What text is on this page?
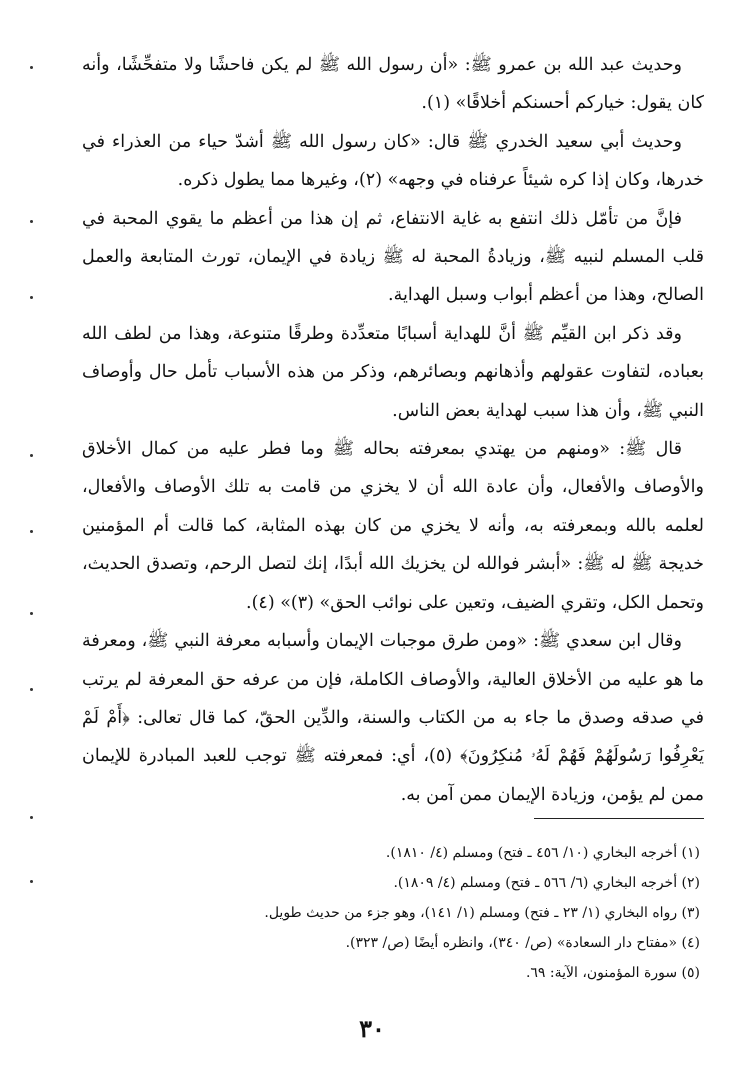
وحديث عبد الله بن عمرو ﷺ: «أن رسول الله ﷺ لم يكن فاحشًا ولا متفحِّشًا، وأنه كان يقول: خياركم أحسنكم أخلاقًا» (١).

وحديث أبي سعيد الخدري ﷺ قال: «كان رسول الله ﷺ أشدّ حياء من العذراء في خدرها، وكان إذا كره شيئاً عرفناه في وجهه» (٢)، وغيرها مما يطول ذكره.

فإنَّ من تأمّل ذلك انتفع به غاية الانتفاع، ثم إن هذا من أعظم ما يقوي المحبة في قلب المسلم لنبيه ﷺ، وزيادةُ المحبة له ﷺ زيادة في الإيمان، تورث المتابعة والعمل الصالح، وهذا من أعظم أبواب وسبل الهداية.

وقد ذكر ابن القيِّم ﷺ أنَّ للهداية أسبابًا متعدِّدة وطرقًا متنوعة، وهذا من لطف الله بعباده، لتفاوت عقولهم وأذهانهم وبصائرهم، وذكر من هذه الأسباب تأمل حال وأوصاف النبي ﷺ، وأن هذا سبب لهداية بعض الناس.

قال ﷺ: «ومنهم من يهتدي بمعرفته بحاله ﷺ وما فطر عليه من كمال الأخلاق والأوصاف والأفعال، وأن عادة الله أن لا يخزي من قامت به تلك الأوصاف والأفعال، لعلمه بالله وبمعرفته به، وأنه لا يخزي من كان بهذه المثابة، كما قالت أم المؤمنين خديجة ﷺ له ﷺ: «أبشر فوالله لن يخزيك الله أبدًا، إنك لتصل الرحم، وتصدق الحديث، وتحمل الكل، وتقري الضيف، وتعين على نوائب الحق» (٣)» (٤).

وقال ابن سعدي ﷺ: «ومن طرق موجبات الإيمان وأسبابه معرفة النبي ﷺ، ومعرفة ما هو عليه من الأخلاق العالية، والأوصاف الكاملة، فإن من عرفه حق المعرفة لم يرتب في صدقه وصدق ما جاء به من الكتاب والسنة، والدِّين الحقّ، كما قال تعالى: ﴿أَمْ لَمْ يَعْرِفُوا رَسُولَهُمْ فَهُمْ لَهُۥ مُنكِرُونَ﴾ (٥)، أي: فمعرفته ﷺ توجب للعبد المبادرة للإيمان ممن لم يؤمن، وزيادة الإيمان ممن آمن به.

(١) أخرجه البخاري (١٠/ ٤٥٦ ـ فتح) ومسلم (٤/ ١٨١٠).
(٢) أخرجه البخاري (٦/ ٥٦٦ ـ فتح) ومسلم (٤/ ١٨٠٩).
(٣) رواه البخاري (١/ ٢٣ ـ فتح) ومسلم (١/ ١٤١)، وهو جزء من حديث طويل.
(٤) «مفتاح دار السعادة» (ص/ ٣٤٠)، وانظره أيضًا (ص/ ٣٢٣).
(٥) سورة المؤمنون، الآية: ٦٩.
٣٠
